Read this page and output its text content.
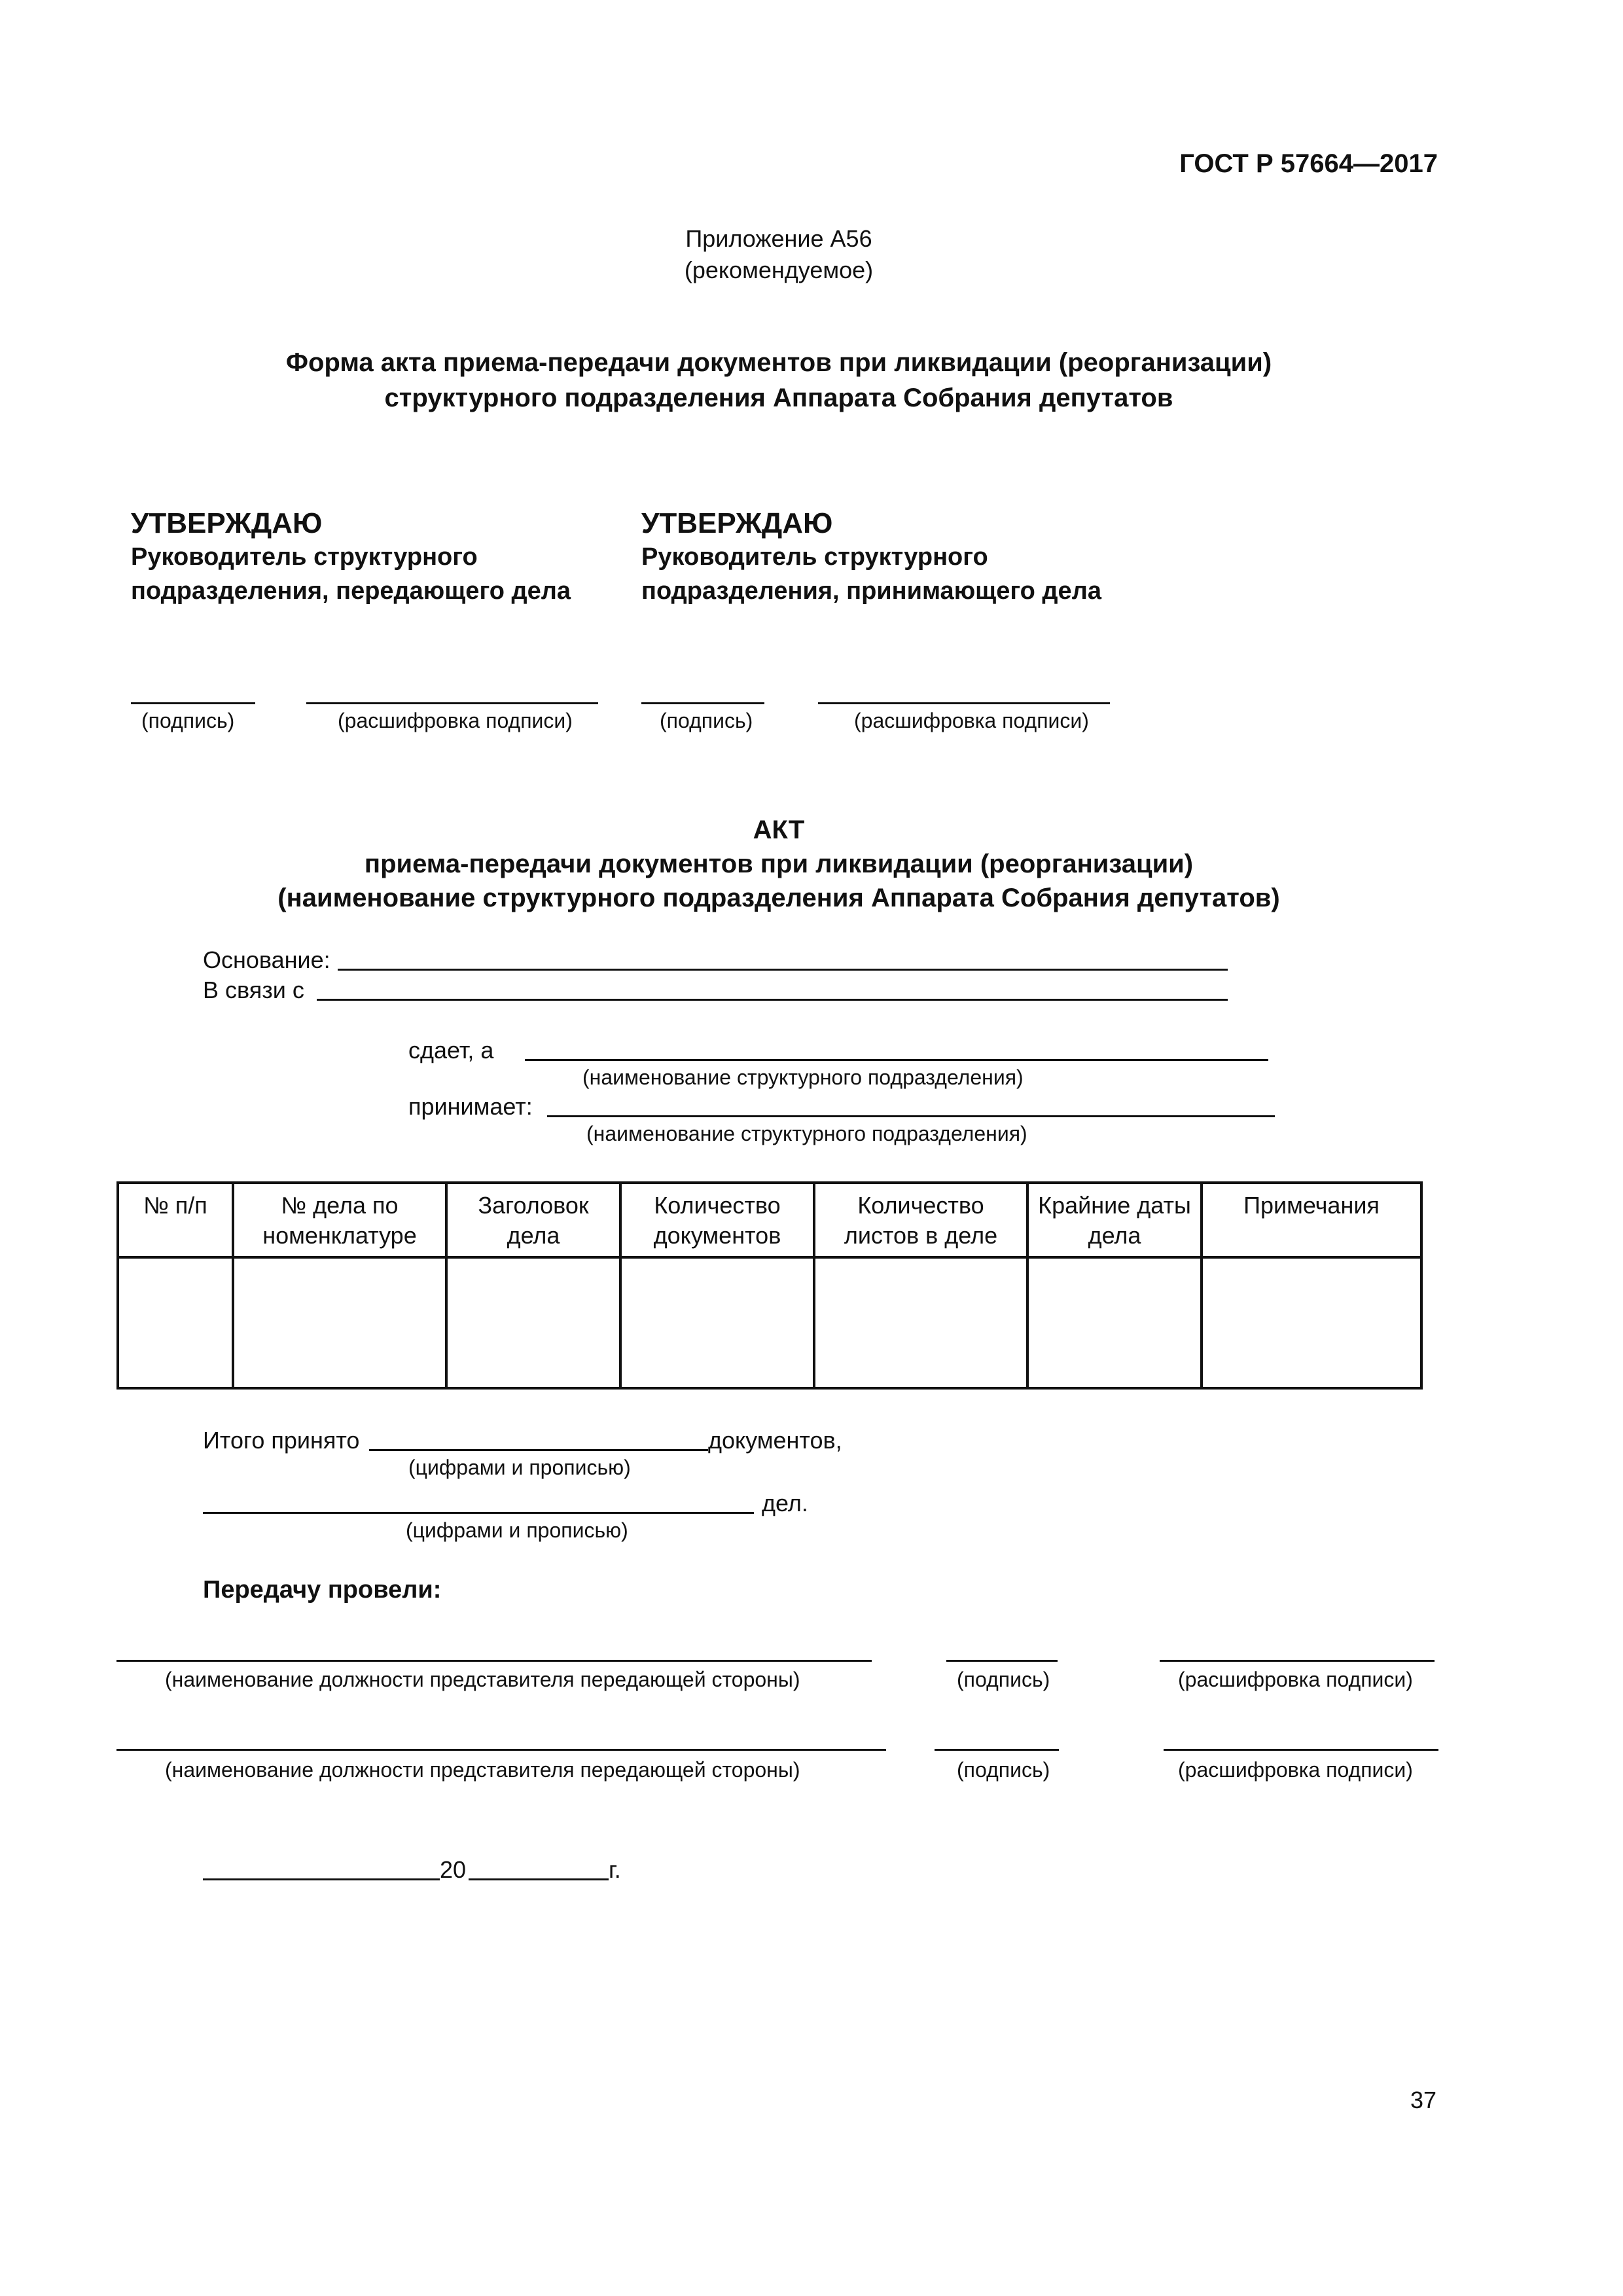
ГОСТ Р 57664—2017
Приложение А56
(рекомендуемое)
Форма акта приема-передачи документов при ликвидации (реорганизации)
структурного подразделения Аппарата Собрания депутатов
УТВЕРЖДАЮ
Руководитель структурного
подразделения, передающего дела
(подпись)	(расшифровка подписи)
УТВЕРЖДАЮ
Руководитель структурного
подразделения, принимающего дела
(подпись)	(расшифровка подписи)
АКТ
приема-передачи документов при ликвидации (реорганизации)
(наименование структурного подразделения Аппарата Собрания депутатов)
Основание:
В связи с
сдает, а
(наименование структурного подразделения)
принимает:
(наименование структурного подразделения)
№ п/п	№ дела по номенклатуре	Заголовок дела	Количество документов	Количество листов в деле	Крайние даты дела	Примечания

Итого принято	документов,
(цифрами и прописью)
дел.
(цифрами и прописью)
Передачу провели:
(наименование должности представителя передающей стороны)	(подпись)	(расшифровка подписи)
(наименование должности представителя передающей стороны)	(подпись)	(расшифровка подписи)
20	г.
37
